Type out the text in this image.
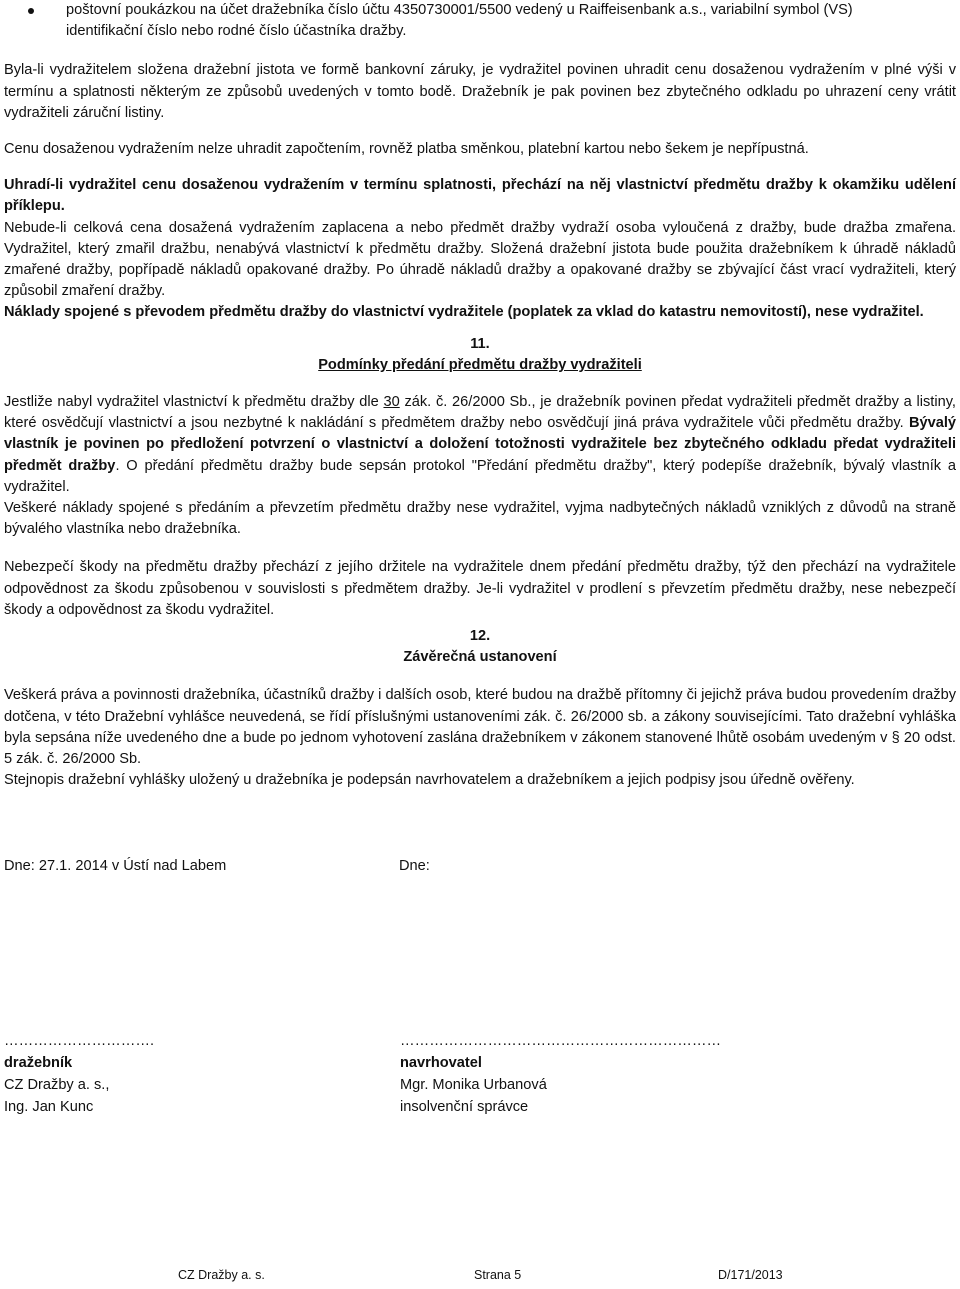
poštovní poukázkou na účet dražebníka číslo účtu 4350730001/5500 vedený u Raiffeisenbank a.s., variabilní symbol (VS)

identifikační číslo nebo rodné číslo účastníka dražby.

Byla-li vydražitelem složena dražební jistota ve formě bankovní záruky, je vydražitel povinen uhradit cenu dosaženou vydražením v plné výši v termínu a splatnosti některým ze způsobů uvedených v tomto bodě. Dražebník je pak povinen bez zbytečného odkladu po uhrazení ceny vrátit vydražiteli záruční listiny.

Cenu dosaženou vydražením nelze uhradit započtením, rovněž platba směnkou, platební kartou nebo šekem je nepřípustná.

Uhradí-li vydražitel cenu dosaženou vydražením v termínu splatnosti, přechází na něj vlastnictví předmětu dražby k okamžiku udělení příklepu.

Nebude-li celková cena dosažená vydražením zaplacena a nebo předmět dražby vydraží osoba vyloučená z dražby, bude dražba zmařena. Vydražitel, který zmařil dražbu, nenabývá vlastnictví k předmětu dražby. Složená dražební jistota bude použita dražebníkem k úhradě nákladů zmařené dražby, popřípadě nákladů opakované dražby. Po úhradě nákladů dražby a opakované dražby se zbývající část vrací vydražiteli, který způsobil zmaření dražby.

Náklady spojené s převodem předmětu dražby do vlastnictví vydražitele (poplatek za vklad do katastru nemovitostí), nese vydražitel.

11.

Podmínky předání předmětu dražby vydražiteli

Jestliže nabyl vydražitel vlastnictví k předmětu dražby dle 30 zák. č. 26/2000 Sb., je dražebník povinen předat vydražiteli předmět dražby a listiny, které osvědčují vlastnictví a jsou nezbytné k nakládání s předmětem dražby nebo osvědčují jiná práva vydražitele vůči předmětu dražby. Bývalý vlastník je povinen po předložení potvrzení o vlastnictví a doložení totožnosti vydražitele bez zbytečného odkladu předat vydražiteli předmět dražby. O předání předmětu dražby bude sepsán protokol "Předání předmětu dražby", který podepíše dražebník, bývalý vlastník a vydražitel.

Veškeré náklady spojené s předáním a převzetím předmětu dražby nese vydražitel, vyjma nadbytečných nákladů vzniklých z důvodů na straně bývalého vlastníka nebo dražebníka.

Nebezpečí škody na předmětu dražby přechází z jejího držitele na vydražitele dnem předání předmětu dražby, týž den přechází na vydražitele odpovědnost za škodu způsobenou v souvislosti s předmětem dražby. Je-li vydražitel v prodlení s převzetím předmětu dražby, nese nebezpečí škody a odpovědnost za škodu vydražitel.

12.

Závěrečná ustanovení

Veškerá práva a povinnosti dražebníka, účastníků dražby i dalších osob, které budou na dražbě přítomny či jejichž práva budou provedením dražby dotčena, v této Dražební vyhlášce neuvedená, se řídí příslušnými ustanoveními zák. č. 26/2000 sb. a zákony souvisejícími. Tato dražební vyhláška byla sepsána níže uvedeného dne a bude po jednom vyhotovení zaslána dražebníkem v zákonem stanovené lhůtě osobám uvedeným v § 20 odst. 5 zák. č. 26/2000 Sb.

Stejnopis dražební vyhlášky uložený u dražebníka je podepsán navrhovatelem a dražebníkem a jejich podpisy jsou úředně ověřeny.

Dne: 27.1. 2014 v Ústí nad Labem	Dne:
………………………….
dražebník
CZ Dražby a. s.,
Ing. Jan Kunc
…………………………………………………………
navrhovatel
Mgr. Monika Urbanová
insolvenční správce
CZ Dražby a. s.	Strana 5	D/171/2013
